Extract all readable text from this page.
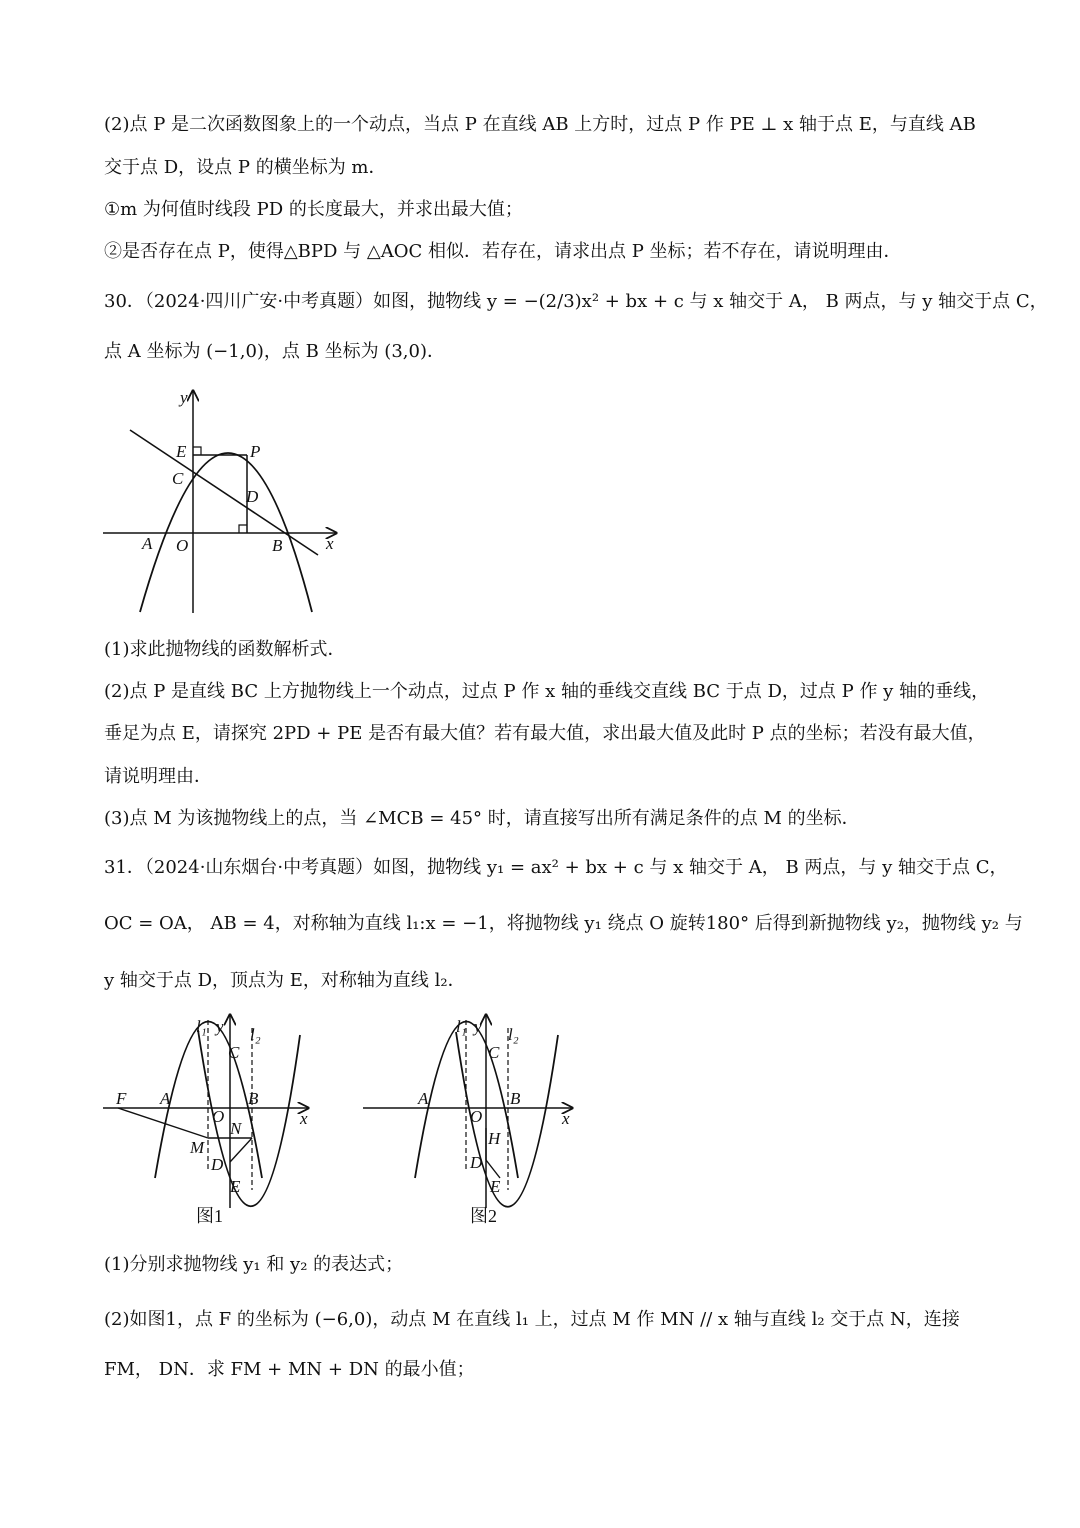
(2)点 P 是二次函数图象上的一个动点，当点 P 在直线 AB 上方时，过点 P 作 PE ⊥ x 轴于点 E，与直线 AB
交于点 D，设点 P 的横坐标为 m．
①m 为何值时线段 PD 的长度最大，并求出最大值；
②是否存在点 P，使得△BPD 与 △AOC 相似．若存在，请求出点 P 坐标；若不存在，请说明理由．
30．（2024·四川广安·中考真题）如图，抛物线 y = −(2/3)x² + bx + c 与 x 轴交于 A， B 两点，与 y 轴交于点 C，
点 A 坐标为 (−1,0)，点 B 坐标为 (3,0)．
y
E	P
C
D
A O	B	x
(1)求此抛物线的函数解析式．
(2)点 P 是直线 BC 上方抛物线上一个动点，过点 P 作 x 轴的垂线交直线 BC 于点 D，过点 P 作 y 轴的垂线，
垂足为点 E，请探究 2PD + PE 是否有最大值？若有最大值，求出最大值及此时 P 点的坐标；若没有最大值，
请说明理由．
(3)点 M 为该抛物线上的点，当 ∠MCB = 45° 时，请直接写出所有满足条件的点 M 的坐标．
31．（2024·山东烟台·中考真题）如图，抛物线 y₁ = ax² + bx + c 与 x 轴交于 A， B 两点，与 y 轴交于点 C，
OC = OA， AB = 4，对称轴为直线 l₁:x = −1，将抛物线 y₁ 绕点 O 旋转180° 后得到新抛物线 y₂，抛物线 y₂ 与
y 轴交于点 D，顶点为 E，对称轴为直线 l₂．
l₁ y l₂
C
F A	B
O	x
N
M
D
E
图1
l₁ y l₂
C
A	B
O	x
H
D
E
图2
(1)分别求抛物线 y₁ 和 y₂ 的表达式；
(2)如图1，点 F 的坐标为 (−6,0)，动点 M 在直线 l₁ 上，过点 M 作 MN // x 轴与直线 l₂ 交于点 N，连接
FM， DN．求 FM + MN + DN 的最小值；
